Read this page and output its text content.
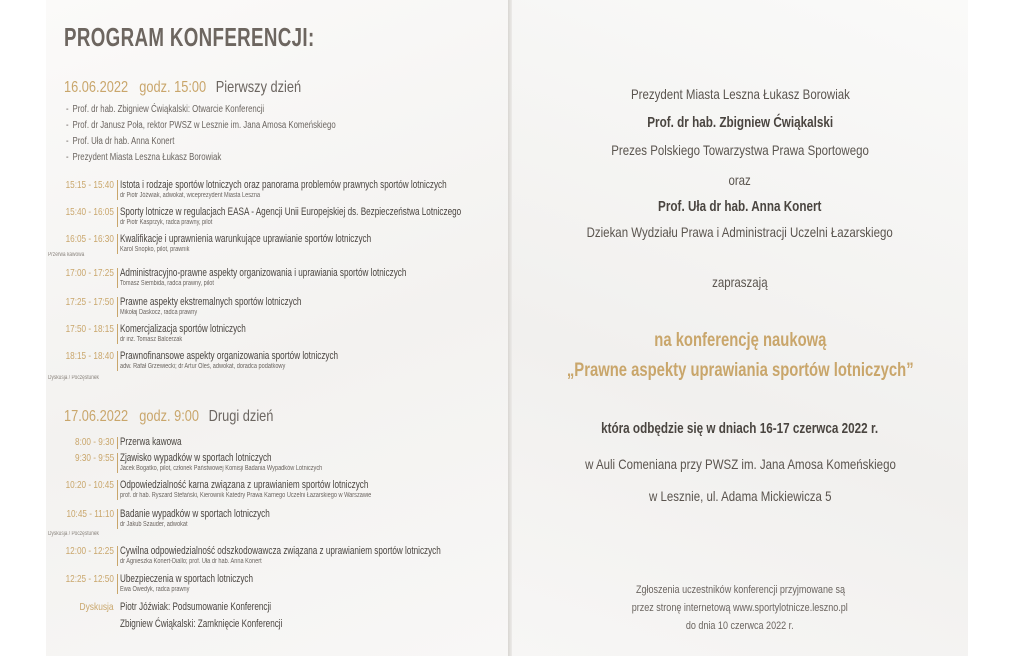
PROGRAM KONFERENCJI:
16.06.2022 godz. 15:00 Pierwszy dzień
- Prof. dr hab. Zbigniew Ćwiąkalski: Otwarcie Konferencji
- Prof. dr Janusz Poła, rektor PWSZ w Lesznie im. Jana Amosa Komeńskiego
- Prof. Uła dr hab. Anna Konert
- Prezydent Miasta Leszna Łukasz Borowiak
15:15 - 15:40 Istota i rodzaje sportów lotniczych oraz panorama problemów prawnych sportów lotniczych
dr Piotr Jóźwiak, adwokat, wiceprezydent Miasta Leszna
15:40 - 16:05 Sporty lotnicze w regulacjach EASA - Agencji Unii Europejskiej ds. Bezpieczeństwa Lotniczego
dr Piotr Kasprzyk, radca prawny, pilot
16:05 - 16:30 Kwalifikacje i uprawnienia warunkujące uprawianie sportów lotniczych
Karol Snopko, pilot, prawnik
Przerwa kawowa
17:00 - 17:25 Administracyjno-prawne aspekty organizowania i uprawiania sportów lotniczych
Tomasz Siembida, radca prawny, pilot
17:25 - 17:50 Prawne aspekty ekstremalnych sportów lotniczych
Mikołaj Daskocz, radca prawny
17:50 - 18:15 Komercjalizacja sportów lotniczych
dr inż. Tomasz Balcerzak
18:15 - 18:40 Prawnofinansowe aspekty organizowania sportów lotniczych
adw. Rafał Grzewiecki; dr Artur Oleś, adwokat, doradca podatkowy
Dyskusja / Poczęstunek
17.06.2022 godz. 9:00 Drugi dzień
8:00 - 9:30 Przerwa kawowa
9:30 - 9:55 Zjawisko wypadków w sportach lotniczych
Jacek Bogatko, pilot, członek Państwowej Komisji Badania Wypadków Lotniczych
10:20 - 10:45 Odpowiedzialność karna związana z uprawianiem sportów lotniczych
prof. dr hab. Ryszard Stefański, Kierownik Katedry Prawa Karnego Uczelni Łazarskiego w Warszawie
10:45 - 11:10 Badanie wypadków w sportach lotniczych
dr Jakub Szauder, adwokat
Dyskusja / Poczęstunek
12:00 - 12:25 Cywilna odpowiedzialność odszkodowawcza związana z uprawianiem sportów lotniczych
dr Agnieszka Konert-Diallo; prof. Uła dr hab. Anna Konert
12:25 - 12:50 Ubezpieczenia w sportach lotniczych
Ewa Owedyk, radca prawny
Dyskusja Piotr Jóźwiak: Podsumowanie Konferencji
Zbigniew Ćwiąkalski: Zamknięcie Konferencji
Prezydent Miasta Leszna Łukasz Borowiak
Prof. dr hab. Zbigniew Ćwiąkalski
Prezes Polskiego Towarzystwa Prawa Sportowego
oraz
Prof. Uła dr hab. Anna Konert
Dziekan Wydziału Prawa i Administracji Uczelni Łazarskiego
zapraszają
na konferencję naukową
„Prawne aspekty uprawiania sportów lotniczych”
która odbędzie się w dniach 16-17 czerwca 2022 r.
w Auli Comeniana przy PWSZ im. Jana Amosa Komeńskiego
w Lesznie, ul. Adama Mickiewicza 5
Zgłoszenia uczestników konferencji przyjmowane są
przez stronę internetową www.sportylotnicze.leszno.pl
do dnia 10 czerwca 2022 r.
